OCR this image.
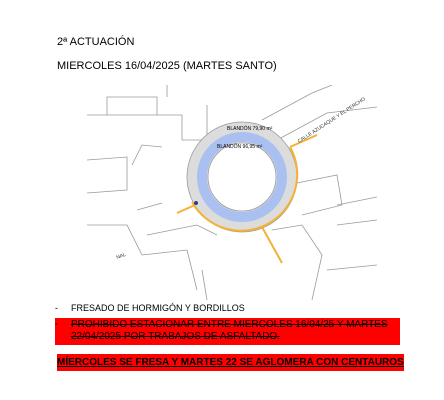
2ª ACTUACIÓN
MIERCOLES 16/04/2025 (MARTES SANTO)
BLANDÓN 79,90 m²
BLANDÓN 96,95 m²
CALLE AZUCAQUE Y EL PERCHO
NAL
- FRESADO DE HORMIGÓN Y BORDILLOS
- PROHIBIDO ESTACIONAR ENTRE MIERCOLES 16/04/25 Y MARTES 22/04/2025 POR TRABAJOS DE ASFALTADO.
MÍERCOLES SE FRESA Y MARTES 22 SE AGLOMERA CON CENTAUROS
